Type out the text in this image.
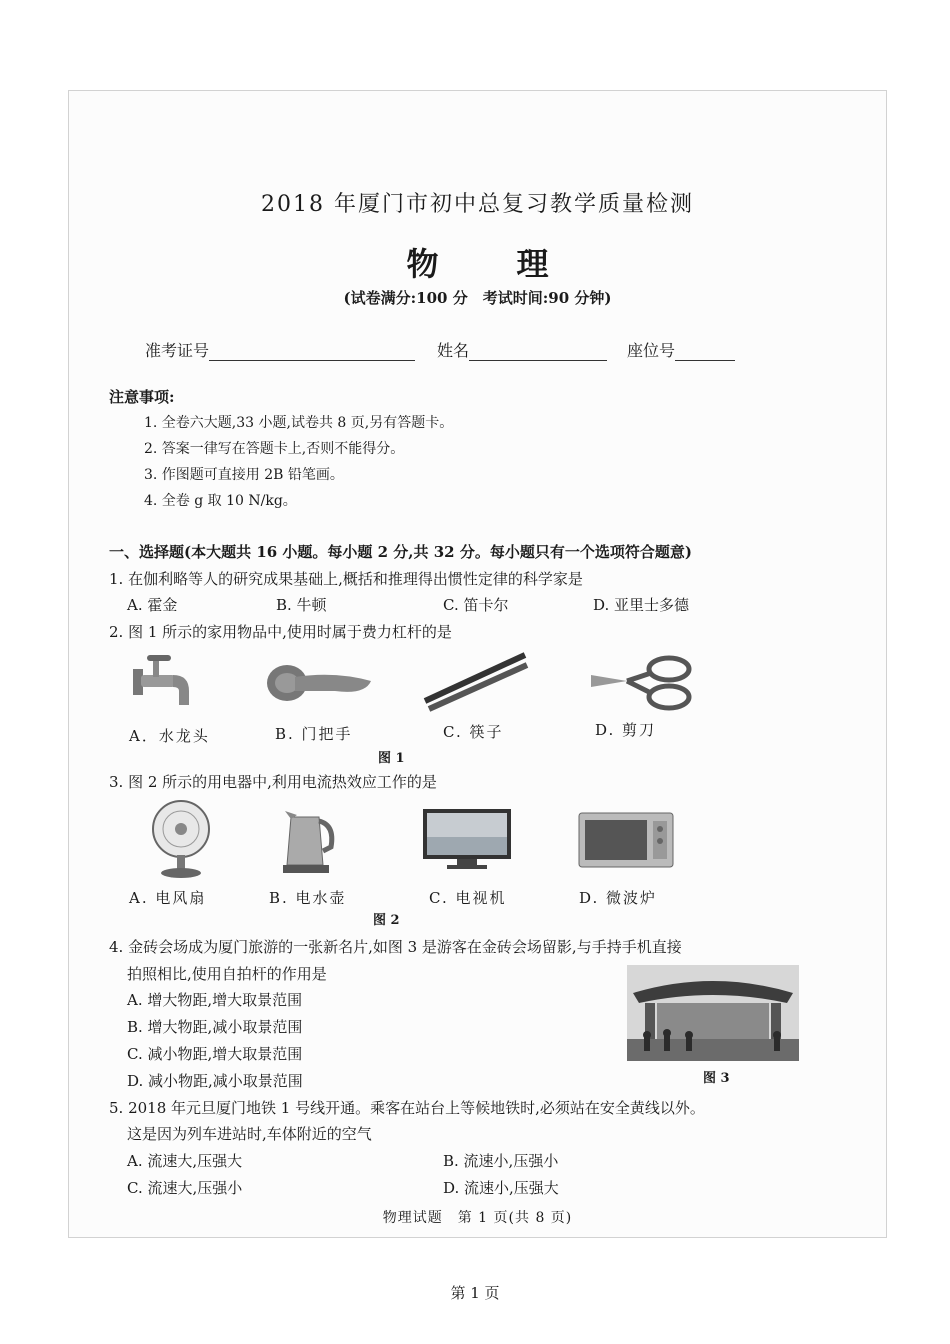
2018 年厦门市初中总复习教学质量检测
物 理
(试卷满分:100 分　考试时间:90 分钟)
准考证号	姓名	座位号
注意事项:
1. 全卷六大题,33 小题,试卷共 8 页,另有答题卡。
2. 答案一律写在答题卡上,否则不能得分。
3. 作图题可直接用 2B 铅笔画。
4. 全卷 g 取 10 N/kg。
一、选择题(本大题共 16 小题。每小题 2 分,共 32 分。每小题只有一个选项符合题意)
1. 在伽利略等人的研究成果基础上,概括和推理得出惯性定律的科学家是
A. 霍金	B. 牛顿	C. 笛卡尔	D. 亚里士多德
2. 图 1 所示的家用物品中,使用时属于费力杠杆的是
A．水龙头	B. 门把手	C. 筷子	D. 剪刀
图 1
3. 图 2 所示的用电器中,利用电流热效应工作的是
A. 电风扇	B. 电水壶	C. 电视机	D. 微波炉
图 2
4. 金砖会场成为厦门旅游的一张新名片,如图 3 是游客在金砖会场留影,与手持手机直接
拍照相比,使用自拍杆的作用是
A. 增大物距,增大取景范围
B. 增大物距,减小取景范围
C. 减小物距,增大取景范围
D. 减小物距,减小取景范围	图 3
5. 2018 年元旦厦门地铁 1 号线开通。乘客在站台上等候地铁时,必须站在安全黄线以外。
这是因为列车进站时,车体附近的空气
A. 流速大,压强大	B. 流速小,压强小
C. 流速大,压强小	D. 流速小,压强大
物理试题　第 1 页(共 8 页)
第 1 页
